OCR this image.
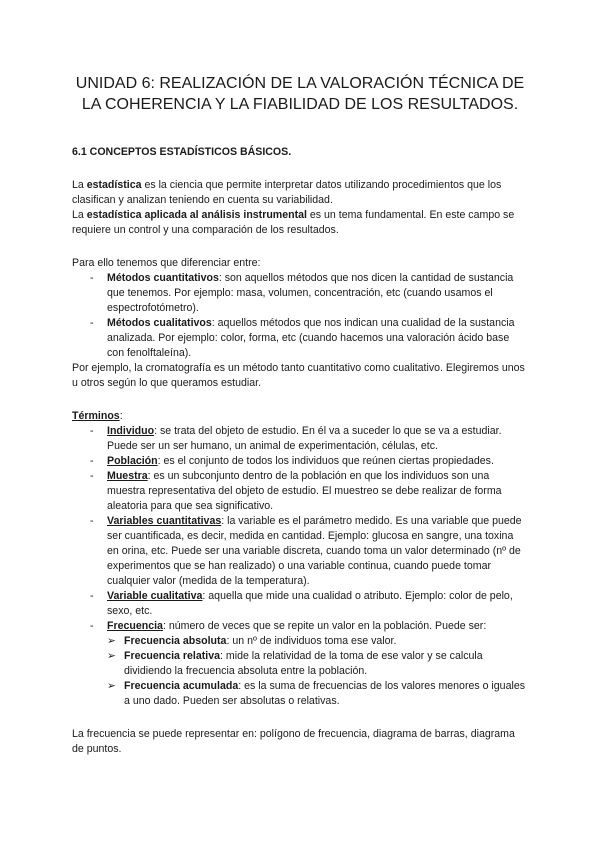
UNIDAD 6: REALIZACIÓN DE LA VALORACIÓN TÉCNICA DE LA COHERENCIA Y LA FIABILIDAD DE LOS RESULTADOS.
6.1 CONCEPTOS ESTADÍSTICOS BÁSICOS.

La estadística es la ciencia que permite interpretar datos utilizando procedimientos que los clasifican y analizan teniendo en cuenta su variabilidad.

La estadística aplicada al análisis instrumental es un tema fundamental. En este campo se requiere un control y una comparación de los resultados.

Para ello tenemos que diferenciar entre:

- Métodos cuantitativos: son aquellos métodos que nos dicen la cantidad de sustancia que tenemos. Por ejemplo: masa, volumen, concentración, etc (cuando usamos el espectrofotómetro).
- Métodos cualitativos: aquellos métodos que nos indican una cualidad de la sustancia analizada. Por ejemplo: color, forma, etc (cuando hacemos una valoración ácido base con fenolftaleína).

Por ejemplo, la cromatografía es un método tanto cuantitativo como cualitativo. Elegiremos unos u otros según lo que queramos estudiar.

Términos:

- Individuo: se trata del objeto de estudio. En él va a suceder lo que se va a estudiar. Puede ser un ser humano, un animal de experimentación, células, etc.
- Población: es el conjunto de todos los individuos que reúnen ciertas propiedades.
- Muestra: es un subconjunto dentro de la población en que los individuos son una muestra representativa del objeto de estudio. El muestreo se debe realizar de forma aleatoria para que sea significativo.
- Variables cuantitativas: la variable es el parámetro medido. Es una variable que puede ser cuantificada, es decir, medida en cantidad. Ejemplo: glucosa en sangre, una toxina en orina, etc. Puede ser una variable discreta, cuando toma un valor determinado (nº de experimentos que se han realizado) o una variable continua, cuando puede tomar cualquier valor (medida de la temperatura).
- Variable cualitativa: aquella que mide una cualidad o atributo. Ejemplo: color de pelo, sexo, etc.
- Frecuencia: número de veces que se repite un valor en la población. Puede ser:
➢ Frecuencia absoluta: un nº de individuos toma ese valor.
➢ Frecuencia relativa: mide la relatividad de la toma de ese valor y se calcula dividiendo la frecuencia absoluta entre la población.
➢ Frecuencia acumulada: es la suma de frecuencias de los valores menores o iguales a uno dado. Pueden ser absolutas o relativas.

La frecuencia se puede representar en: polígono de frecuencia, diagrama de barras, diagrama de puntos.
